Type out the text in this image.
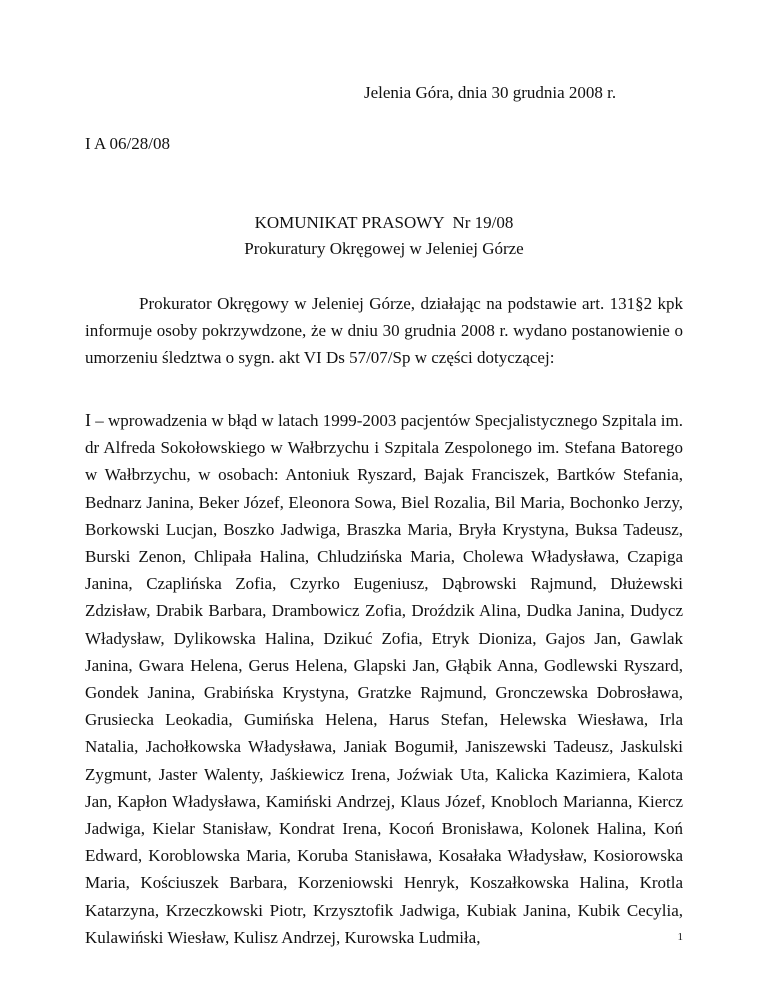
Jelenia Góra, dnia 30 grudnia 2008 r.
I A 06/28/08
KOMUNIKAT PRASOWY  Nr 19/08
Prokuratury Okręgowej w Jeleniej Górze

Prokurator Okręgowy w Jeleniej Górze, działając na podstawie art. 131§2 kpk informuje osoby pokrzywdzone, że w dniu 30 grudnia 2008 r. wydano postanowienie o umorzeniu śledztwa o sygn. akt VI Ds 57/07/Sp w części dotyczącej:

I – wprowadzenia w błąd w latach 1999-2003 pacjentów Specjalistycznego Szpitala im. dr Alfreda Sokołowskiego w Wałbrzychu i Szpitala Zespolonego im. Stefana Batorego w Wałbrzychu, w osobach: Antoniuk Ryszard, Bajak Franciszek, Bartków Stefania, Bednarz Janina, Beker Józef, Eleonora Sowa, Biel Rozalia, Bil Maria, Bochonko Jerzy, Borkowski Lucjan, Boszko Jadwiga, Braszka Maria, Bryła Krystyna, Buksa Tadeusz, Burski Zenon, Chlipała Halina, Chludzińska Maria, Cholewa Władysława, Czapiga Janina, Czaplińska Zofia, Czyrko Eugeniusz, Dąbrowski Rajmund, Dłużewski Zdzisław, Drabik Barbara, Drambowicz Zofia, Droździk Alina, Dudka Janina, Dudycz Władysław, Dylikowska Halina, Dzikuć Zofia, Etryk Dioniza, Gajos Jan, Gawlak Janina, Gwara Helena, Gerus Helena, Glapski Jan, Głąbik Anna, Godlewski Ryszard, Gondek Janina, Grabińska Krystyna, Gratzke Rajmund, Gronczewska Dobrosława, Grusiecka Leokadia, Gumińska Helena, Harus Stefan, Helewska Wiesława, Irla Natalia, Jachołkowska Władysława, Janiak Bogumił, Janiszewski Tadeusz, Jaskulski Zygmunt, Jaster Walenty, Jaśkiewicz Irena, Joźwiak Uta, Kalicka Kazimiera, Kalota Jan, Kapłon Władysława, Kamiński Andrzej, Klaus Józef, Knobloch Marianna, Kiercz Jadwiga, Kielar Stanisław, Kondrat Irena, Kocoń Bronisława, Kolonek Halina, Koń Edward, Koroblowska Maria, Koruba Stanisława, Kosałaka Władysław, Kosiorowska Maria, Kościuszek Barbara, Korzeniowski Henryk, Koszałkowska Halina, Krotla Katarzyna, Krzeczkowski Piotr, Krzysztofik Jadwiga, Kubiak Janina, Kubik Cecylia, Kulawiński Wiesław, Kulisz Andrzej, Kurowska Ludmiła,	1
